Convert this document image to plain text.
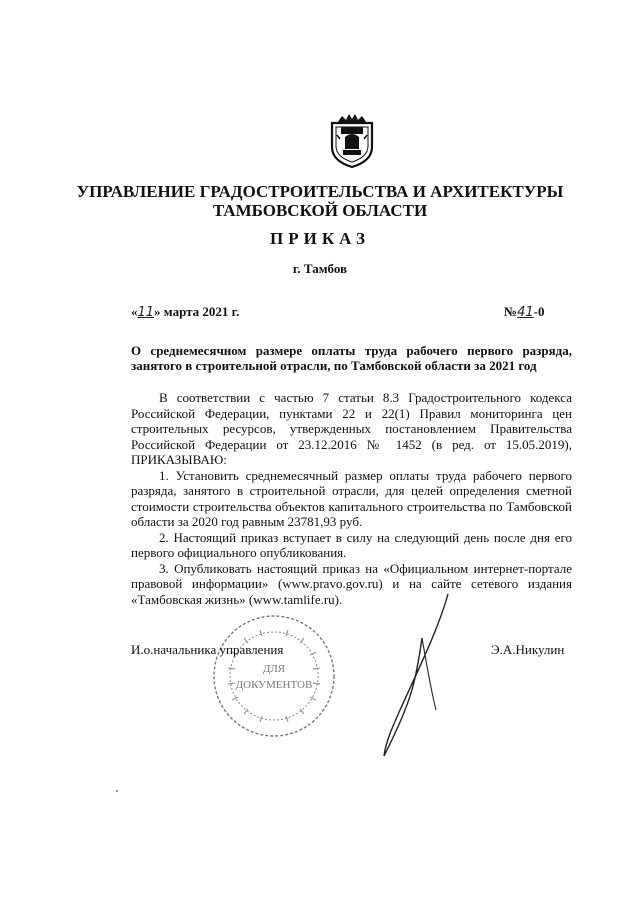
УПРАВЛЕНИЕ ГРАДОСТРОИТЕЛЬСТВА И АРХИТЕКТУРЫ
ТАМБОВСКОЙ ОБЛАСТИ
ПРИКАЗ
г. Тамбов
«11» марта 2021 г.	№41-0
О среднемесячном размере оплаты труда рабочего первого разряда, занятого в строительной отрасли, по Тамбовской области за 2021 год

В соответствии с частью 7 статьи 8.3 Градостроительного кодекса Российской Федерации, пунктами 22 и 22(1) Правил мониторинга цен строительных ресурсов, утвержденных постановлением Правительства Российской Федерации от 23.12.2016 № 1452 (в ред. от 15.05.2019), ПРИКАЗЫВАЮ:

1. Установить среднемесячный размер оплаты труда рабочего первого разряда, занятого в строительной отрасли, для целей определения сметной стоимости строительства объектов капитального строительства по Тамбовской области за 2020 год равным 23781,93 руб.

2. Настоящий приказ вступает в силу на следующий день после дня его первого официального опубликования.

3. Опубликовать настоящий приказ на «Официальном интернет-портале правовой информации» (www.pravo.gov.ru) и на сайте сетевого издания «Тамбовская жизнь» (www.tamlife.ru).

ДЛЯ
ДОКУМЕНТОВ
И.о.начальника управления	Э.А.Никулин
